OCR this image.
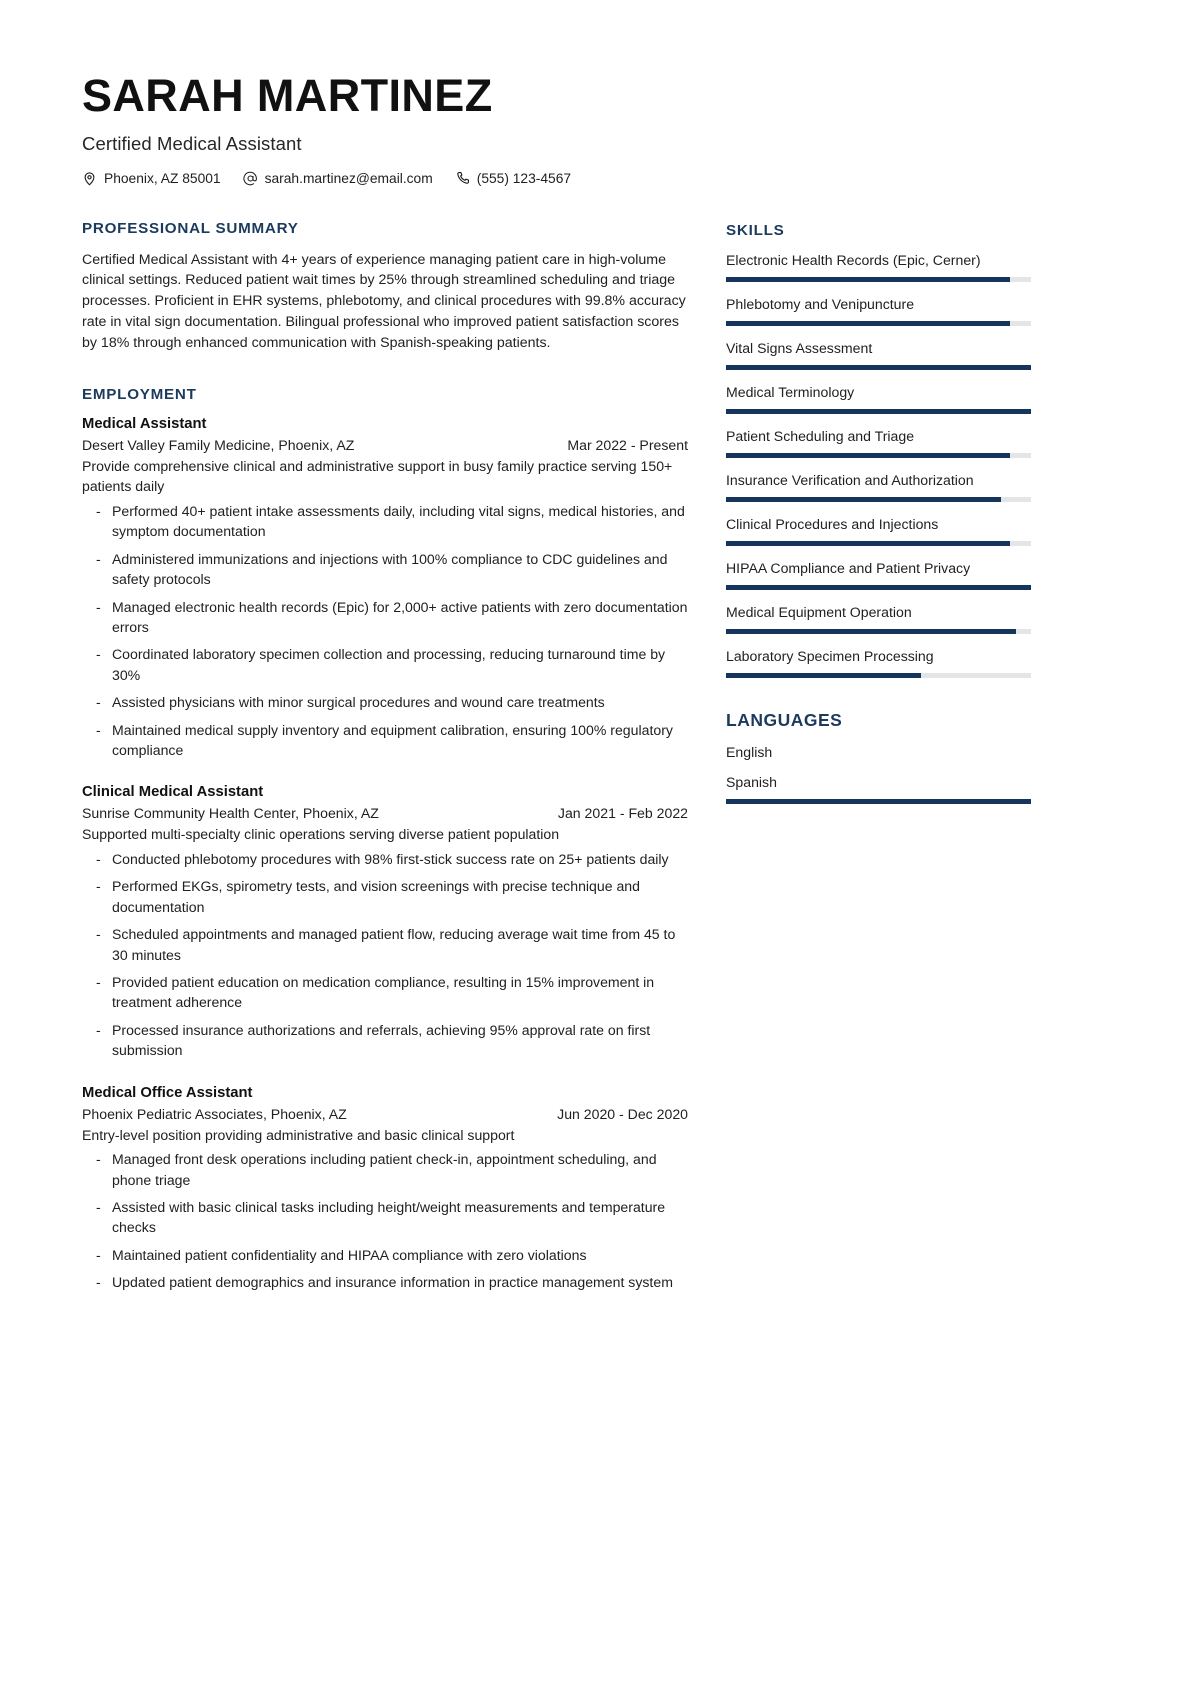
SARAH MARTINEZ
Certified Medical Assistant
Phoenix, AZ 85001	sarah.martinez@email.com	(555) 123-4567
PROFESSIONAL SUMMARY
Certified Medical Assistant with 4+ years of experience managing patient care in high-volume clinical settings. Reduced patient wait times by 25% through streamlined scheduling and triage processes. Proficient in EHR systems, phlebotomy, and clinical procedures with 99.8% accuracy rate in vital sign documentation. Bilingual professional who improved patient satisfaction scores by 18% through enhanced communication with Spanish-speaking patients.
EMPLOYMENT
Medical Assistant
Desert Valley Family Medicine, Phoenix, AZ	Mar 2022 - Present
Provide comprehensive clinical and administrative support in busy family practice serving 150+ patients daily
- Performed 40+ patient intake assessments daily, including vital signs, medical histories, and symptom documentation
- Administered immunizations and injections with 100% compliance to CDC guidelines and safety protocols
- Managed electronic health records (Epic) for 2,000+ active patients with zero documentation errors
- Coordinated laboratory specimen collection and processing, reducing turnaround time by 30%
- Assisted physicians with minor surgical procedures and wound care treatments
- Maintained medical supply inventory and equipment calibration, ensuring 100% regulatory compliance
Clinical Medical Assistant
Sunrise Community Health Center, Phoenix, AZ	Jan 2021 - Feb 2022
Supported multi-specialty clinic operations serving diverse patient population
- Conducted phlebotomy procedures with 98% first-stick success rate on 25+ patients daily
- Performed EKGs, spirometry tests, and vision screenings with precise technique and documentation
- Scheduled appointments and managed patient flow, reducing average wait time from 45 to 30 minutes
- Provided patient education on medication compliance, resulting in 15% improvement in treatment adherence
- Processed insurance authorizations and referrals, achieving 95% approval rate on first submission
Medical Office Assistant
Phoenix Pediatric Associates, Phoenix, AZ	Jun 2020 - Dec 2020
Entry-level position providing administrative and basic clinical support
- Managed front desk operations including patient check-in, appointment scheduling, and phone triage
- Assisted with basic clinical tasks including height/weight measurements and temperature checks
- Maintained patient confidentiality and HIPAA compliance with zero violations
- Updated patient demographics and insurance information in practice management system
SKILLS
Electronic Health Records (Epic, Cerner)
Phlebotomy and Venipuncture
Vital Signs Assessment
Medical Terminology
Patient Scheduling and Triage
Insurance Verification and Authorization
Clinical Procedures and Injections
HIPAA Compliance and Patient Privacy
Medical Equipment Operation
Laboratory Specimen Processing
LANGUAGES
English
Spanish
